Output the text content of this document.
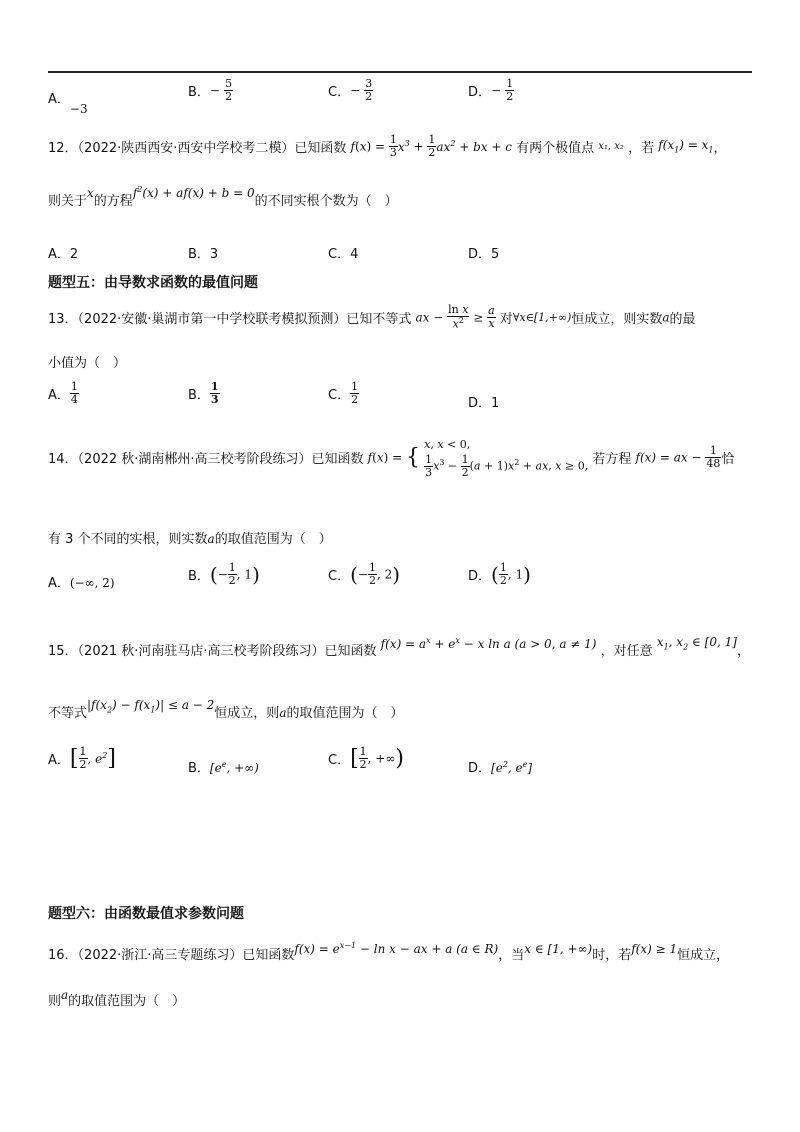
A．−3
B．− $\frac{5}{2}$	C．− $\frac{3}{2}$	D．− $\frac{1}{2}$
12．（2022·陕西西安·西安中学校考二模）已知函数 $f(x) = \frac{1}{3} x^3 + \frac{1}{2} ax^2$ + bx + c 有两个极值点 x₁, x₂ ，若 $f(x_1) = x_1$，
则关于x的方程$f^2(x) + af(x) + b = 0$的不同实根个数为（　）
A．2	B．3	C．4	D．5
题型五：由导数求函数的最值问题
13．（2022·安徽·巢湖市第一中学校联考模拟预测）已知不等式 ax − $\frac{\text{ln x}}{x^2} \ge \frac{a}{x}$ 对∀x∈[1,+∞)恒成立，则实数a的最
小值为（　）
A． $\frac{1}{4}$	B． $\frac{1}{3}$	C． $\frac{1}{2}$	D．1
14．（2022 秋·湖南郴州·高三校考阶段练习）已知函数 f(x) = { x, x < 0,

$\frac{1}{3} x^3 - \frac{1}{2} (a + 1)x^2$ + ax, x ≥ 0, 若方程 f(x) = ax − $\frac{1}{48}$ 恰
有 3 个不同的实根，则实数a的取值范围为（　）
A．(−∞, 2)	B．(− $\frac{1}{2}$ , 1)	C．(− $\frac{1}{2}$ , 2)	D．( $\frac{1}{2}$ , 1)
15．（2021 秋·河南驻马店·高三校考阶段练习）已知函数 $f(x) = a^x + e^x - x$ ln a (a > 0, a ≠ 1) ，对任意 $x_1$, $x_2$ ∈ [0, 1]，
不等式$|f(x_2) - f(x_1)| \le a - 2$恒成立，则a的取值范围为（　）
A．[ $\frac{1}{2}$ , $e^2$]	B．[$e^e$, +∞)	C．[ $\frac{1}{2}$ , +∞)	D．[$e^2$, $e^e$]
题型六：由函数最值求参数问题
16．（2022·浙江·高三专题练习）已知函数$f(x) = e^{x-1} - \ln x$ − ax + a (a ∈ R)，当x ∈ [1, +∞)时，若f(x) ≥ 1恒成立，
则a的取值范围为（　）
